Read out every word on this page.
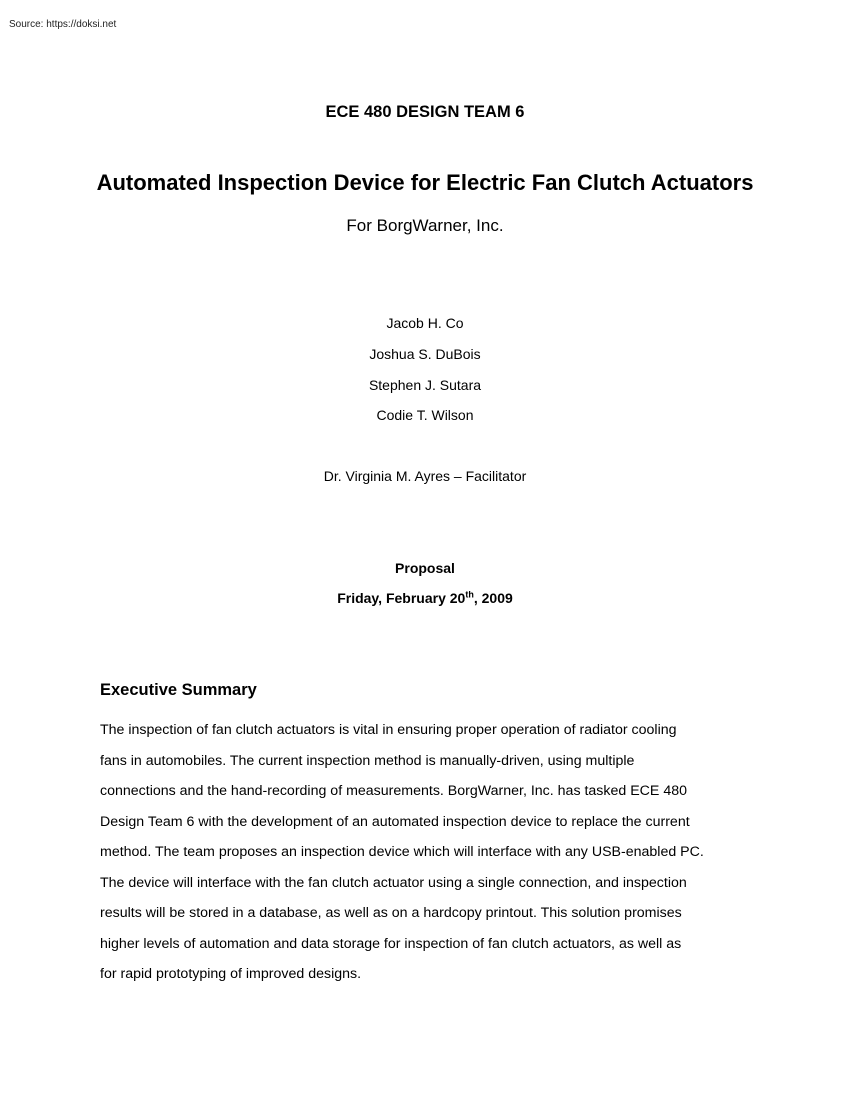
Source: https://doksi.net
ECE 480 DESIGN TEAM 6
Automated Inspection Device for Electric Fan Clutch Actuators
For BorgWarner, Inc.
Jacob H. Co
Joshua S. DuBois
Stephen J. Sutara
Codie T. Wilson
Dr. Virginia M. Ayres – Facilitator
Proposal
Friday, February 20th, 2009
Executive Summary
The inspection of fan clutch actuators is vital in ensuring proper operation of radiator cooling
fans in automobiles. The current inspection method is manually-driven, using multiple
connections and the hand-recording of measurements. BorgWarner, Inc. has tasked ECE 480
Design Team 6 with the development of an automated inspection device to replace the current
method. The team proposes an inspection device which will interface with any USB-enabled PC.
The device will interface with the fan clutch actuator using a single connection, and inspection
results will be stored in a database, as well as on a hardcopy printout. This solution promises
higher levels of automation and data storage for inspection of fan clutch actuators, as well as
for rapid prototyping of improved designs.
